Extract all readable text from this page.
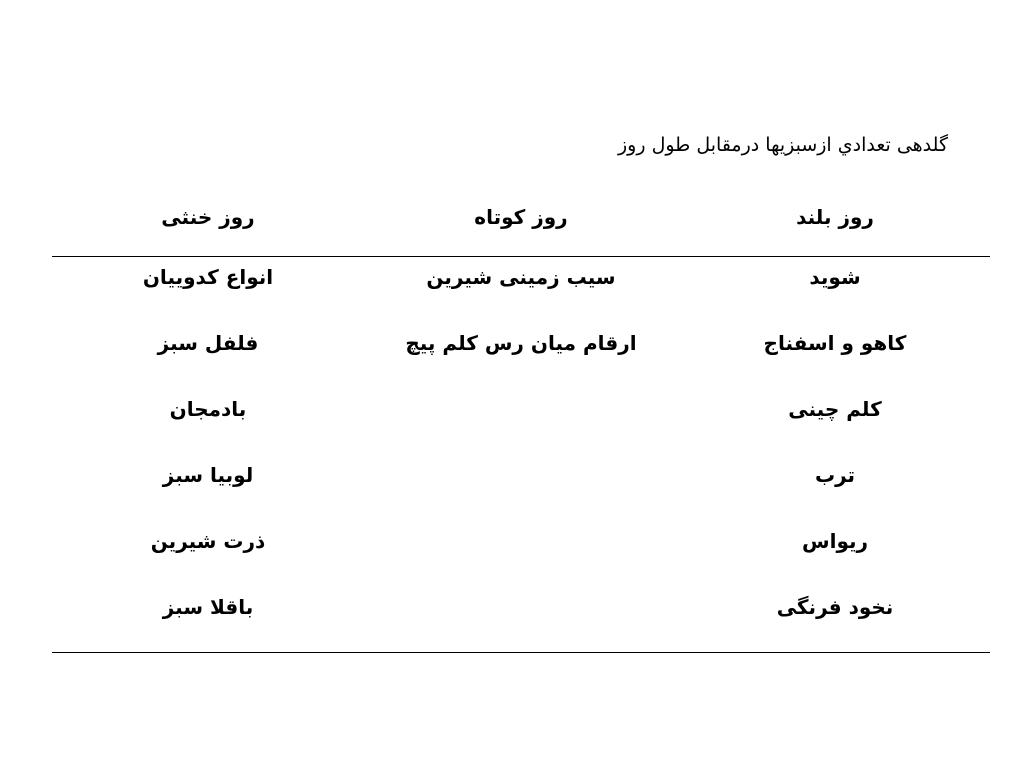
گلدهی تعدادي ازسبزيها درمقابل طول روز
روز بلند
شوید
کاهو و اسفناج
کلم چینی
ترب
ریواس
نخود فرنگی
روز کوتاه
سیب زمینی شیرین
ارقام میان رس کلم پیچ
روز خنثی
انواع کدوییان
فلفل سبز
بادمجان
لوبیا سبز
ذرت شیرین
باقلا سبز
